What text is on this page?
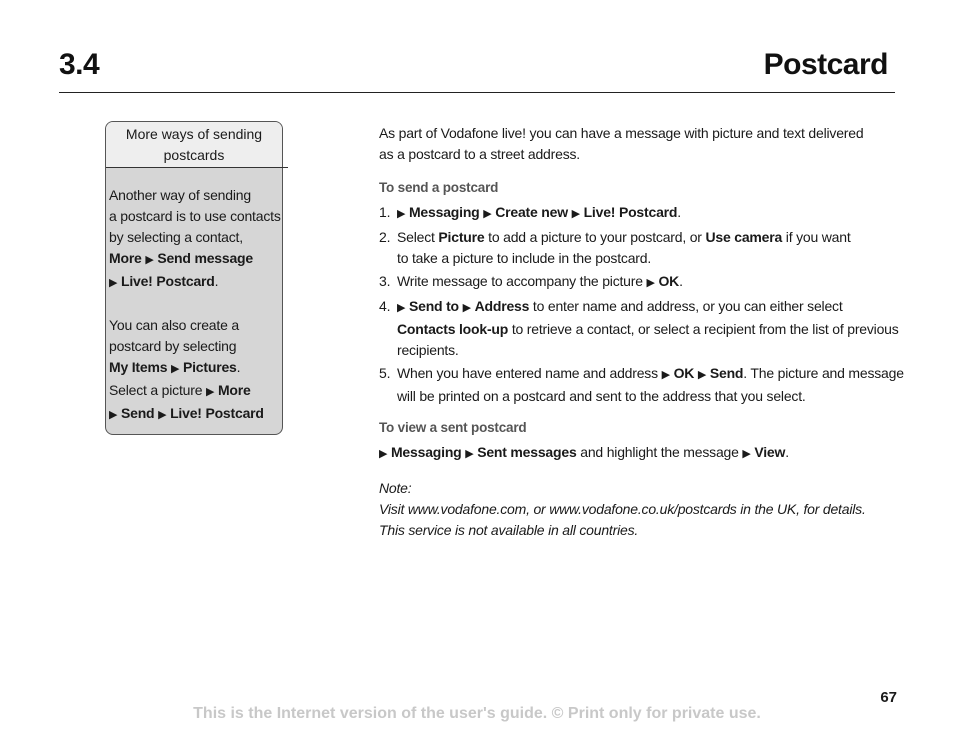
3.4	Postcard
More ways of sending
postcards
Another way of sending
a postcard is to use contacts
by selecting a contact,
More ▶ Send message
▶ Live! Postcard.
You can also create a
postcard by selecting
My Items ▶ Pictures.
Select a picture ▶ More
▶ Send ▶ Live! Postcard
As part of Vodafone live! you can have a message with picture and text delivered
as a postcard to a street address.
To send a postcard
1. ▶ Messaging ▶ Create new ▶ Live! Postcard.
2. Select Picture to add a picture to your postcard, or Use camera if you want
to take a picture to include in the postcard.
3. Write message to accompany the picture ▶ OK.
4. ▶ Send to ▶ Address to enter name and address, or you can either select
Contacts look-up to retrieve a contact, or select a recipient from the list of previous
recipients.
5. When you have entered name and address ▶ OK ▶ Send. The picture and message
will be printed on a postcard and sent to the address that you select.
To view a sent postcard
▶ Messaging ▶ Sent messages and highlight the message ▶ View.
Note:
Visit www.vodafone.com, or www.vodafone.co.uk/postcards in the UK, for details.
This service is not available in all countries.
67
This is the Internet version of the user's guide. © Print only for private use.
